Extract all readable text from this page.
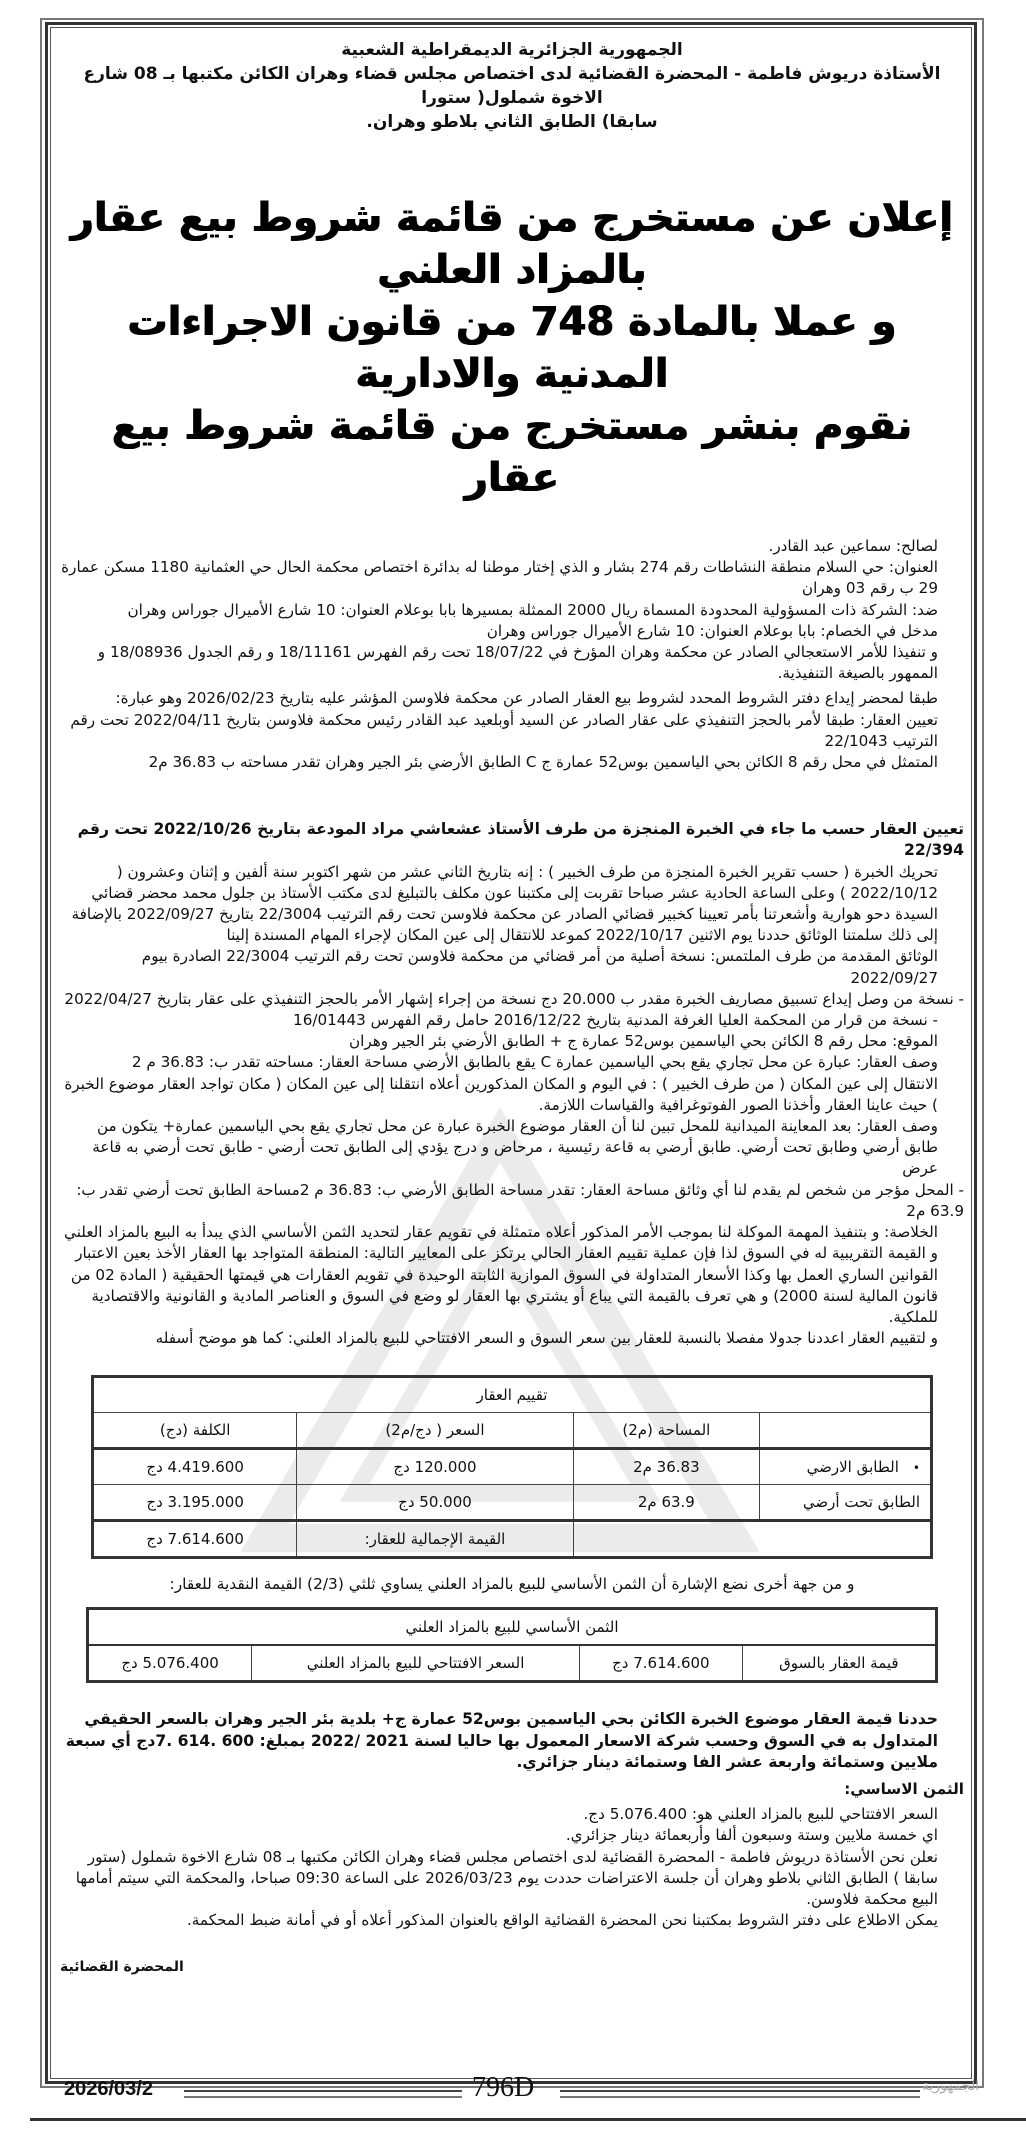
الجمهورية الجزائرية الديمقراطية الشعبية
الأستاذة دريوش فاطمة - المحضرة القضائية لدى اختصاص مجلس قضاء وهران الكائن مكتبها بـ 08 شارع الاخوة شملول( ستورا
سابقا) الطابق الثاني بلاطو وهران.
إعلان عن مستخرج من قائمة شروط بيع عقار بالمزاد العلني
و عملا بالمادة 748 من قانون الاجراءات المدنية والادارية
نقوم بنشر مستخرج من قائمة شروط بيع عقار

لصالح: سماعين عبد القادر.

العنوان: حي السلام منطقة النشاطات رقم 274 بشار و الذي إختار موطنا له بدائرة اختصاص محكمة الحال حي العثمانية 1180 مسكن عمارة 29 ب رقم 03 وهران

ضد: الشركة ذات المسؤولية المحدودة المسماة ريال 2000 الممثلة بمسيرها بابا بوعلام العنوان: 10 شارع الأميرال جوراس وهران

مدخل في الخصام: بابا بوعلام العنوان: 10 شارع الأميرال جوراس وهران

و تنفيذا للأمر الاستعجالي الصادر عن محكمة وهران المؤرخ في 18/07/22 تحت رقم الفهرس 18/11161 و رقم الجدول 18/08936 و الممهور بالصيغة التنفيذية.

طبقا لمحضر إيداع دفتر الشروط المحدد لشروط بيع العقار الصادر عن محكمة فلاوسن المؤشر عليه بتاريخ 2026/02/23 وهو عبارة:

تعيين العقار: طبقا لأمر بالحجز التنفيذي على عقار الصادر عن السيد أوبلعيد عبد القادر رئيس محكمة فلاوسن بتاريخ 2022/04/11 تحت رقم الترتيب 22/1043

المتمثل في محل رقم 8 الكائن بحي الياسمين بوس52 عمارة ج C الطابق الأرضي بئر الجير وهران تقدر مساحته ب 36.83 م2

تعيين العقار حسب ما جاء في الخبرة المنجزة من طرف الأستاذ عشعاشي مراد المودعة بتاريخ 2022/10/26 تحت رقم 22/394

تحريك الخبرة ( حسب تقرير الخبرة المنجزة من طرف الخبير ) : إنه بتاريخ الثاني عشر من شهر اكتوبر سنة ألفين و إثنان وعشرون ( 2022/10/12 ) وعلى الساعة الحادية عشر صباحا تقربت إلى مكتبنا عون مكلف بالتبليغ لدى مكتب الأستاذ بن جلول محمد محضر قضائي السيدة دحو هوارية وأشعرتنا بأمر تعيينا كخبير قضائي الصادر عن محكمة فلاوسن تحت رقم الترتيب 22/3004 بتاريخ 2022/09/27 بالإضافة إلى ذلك سلمتنا الوثائق حددنا يوم الاثنين 2022/10/17 كموعد للانتقال إلى عين المكان لإجراء المهام المسندة إلينا

الوثائق المقدمة من طرف الملتمس: نسخة أصلية من أمر قضائي من محكمة فلاوسن تحت رقم الترتيب 22/3004 الصادرة بيوم 2022/09/27

- نسخة من وصل إيداع تسبيق مصاريف الخبرة مقدر ب 20.000 دج نسخة من إجراء إشهار الأمر بالحجز التنفيذي على عقار بتاريخ 2022/04/27

- نسخة من قرار من المحكمة العليا الغرفة المدنية بتاريخ 2016/12/22 حامل رقم الفهرس 16/01443

الموقع: محل رقم 8 الكائن بحي الياسمين بوس52 عمارة ج + الطابق الأرضي بئر الجير وهران

وصف العقار: عبارة عن محل تجاري يقع بحي الياسمين عمارة C يقع بالطابق الأرضي مساحة العقار: مساحته تقدر ب: 36.83 م 2

الانتقال إلى عين المكان ( من طرف الخبير ) : في اليوم و المكان المذكورين أعلاه انتقلنا إلى عين المكان ( مكان تواجد العقار موضوع الخبرة ) حيث عاينا العقار وأخذنا الصور الفوتوغرافية والقياسات اللازمة.

وصف العقار: بعد المعاينة الميدانية للمحل تبين لنا أن العقار موضوع الخبرة عبارة عن محل تجاري يقع بحي الياسمين عمارة+ يتكون من طابق أرضي وطابق تحت أرضي. طابق أرضي به قاعة رئيسية ، مرحاض و درج يؤدي إلى الطابق تحت أرضي - طابق تحت أرضي به قاعة عرض

- المحل مؤجر من شخص لم يقدم لنا أي وثائق مساحة العقار: تقدر مساحة الطابق الأرضي ب: 36.83 م 2مساحة الطابق تحت أرضي تقدر ب: 63.9 م2

الخلاصة: و بتنفيذ المهمة الموكلة لنا بموجب الأمر المذكور أعلاه متمثلة في تقويم عقار لتحديد الثمن الأساسي الذي يبدأ به البيع بالمزاد العلني و القيمة التقريبية له في السوق لذا فإن عملية تقييم العقار الحالي يرتكز على المعايير التالية: المنطقة المتواجد بها العقار الأخذ بعين الاعتبار القوانين الساري العمل بها وكذا الأسعار المتداولة في السوق الموازية الثابتة الوحيدة في تقويم العقارات هي قيمتها الحقيقية ( المادة 02 من قانون المالية لسنة 2000) و هي تعرف بالقيمة التي يباع أو يشتري بها العقار لو وضع في السوق و العناصر المادية و القانونية والاقتصادية للملكية.

و لتقييم العقار اعددنا جدولا مفصلا بالنسبة للعقار بين سعر السوق و السعر الافتتاحي للبيع بالمزاد العلني: كما هو موضح أسفله

تقييم العقار			
	المساحة (م2)	السعر ( دج/م2)	الكلفة (دج)
•الطابق الارضي	36.83 م2	120.000 دج	4.419.600 دج
الطابق تحت أرضي	63.9 م2	50.000 دج	3.195.000 دج
		القيمة الإجمالية للعقار:	7.614.600 دج
و من جهة أخرى نضع الإشارة أن الثمن الأساسي للبيع بالمزاد العلني يساوي ثلثي (2/3) القيمة النقدية للعقار:
الثمن الأساسي للبيع بالمزاد العلني
قيمة العقار بالسوق	7.614.600 دج	السعر الافتتاحي للبيع بالمزاد العلني	5.076.400 دج

حددنا قيمة العقار موضوع الخبرة الكائن بحي الياسمين بوس52 عمارة ج+ بلدية بئر الجير وهران بالسعر الحقيقي المتداول به في السوق وحسب شركة الاسعار المعمول بها حاليا لسنة 2021 /2022 بمبلغ: 600 .614 .7دج أي سبعة ملايين وستمائة واربعة عشر الفا وستمائة دينار جزائري.

الثمن الاساسي:

السعر الافتتاحي للبيع بالمزاد العلني هو: 5.076.400 دج.

اي خمسة ملايين وستة وسبعون ألفا وأربعمائة دينار جزائري.

نعلن نحن الأستاذة دريوش فاطمة - المحضرة القضائية لدى اختصاص مجلس قضاء وهران الكائن مكتبها بـ 08 شارع الاخوة شملول (ستور سابقا ) الطابق الثاني بلاطو وهران أن جلسة الاعتراضات حددت يوم 2026/03/23 على الساعة 09:30 صباحا، والمحكمة التي سيتم أمامها البيع محكمة فلاوسن.

يمكن الاطلاع على دفتر الشروط بمكتبنا نحن المحضرة القضائية الواقع بالعنوان المذكور أعلاه أو في أمانة ضبط المحكمة.

المحضرة القضائية
2026/03/2	796D	الجمهورية
